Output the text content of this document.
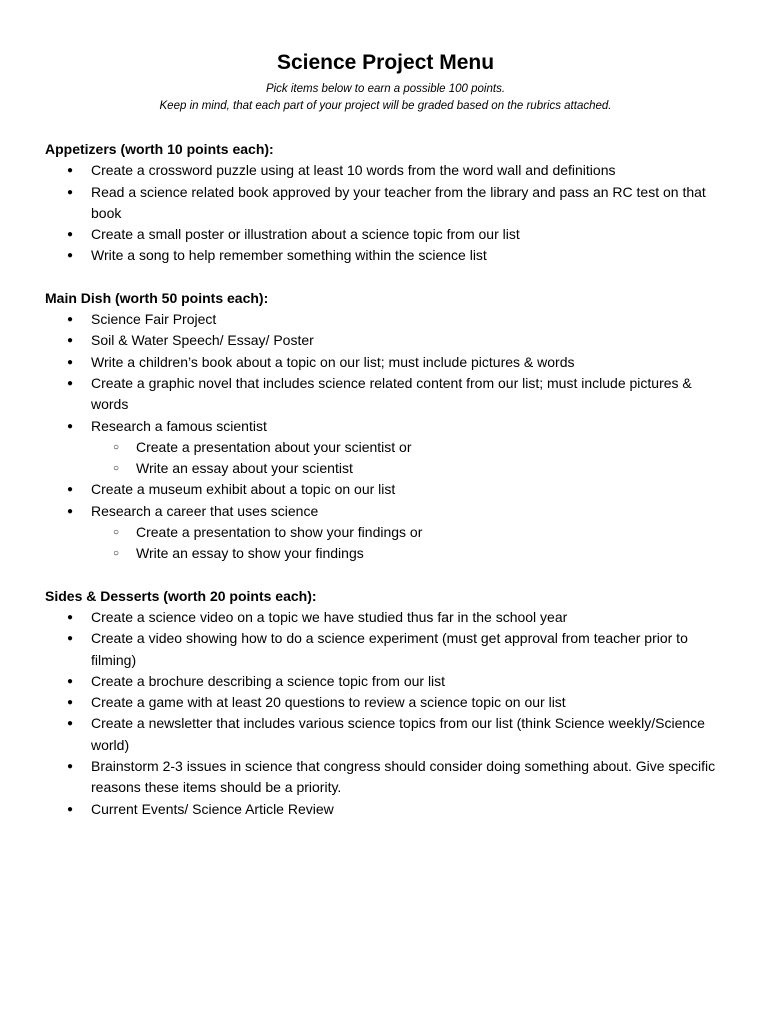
Science Project Menu

Pick items below to earn a possible 100 points.

Keep in mind, that each part of your project will be graded based on the rubrics attached.

Appetizers (worth 10 points each):

● Create a crossword puzzle using at least 10 words from the word wall and definitions
● Read a science related book approved by your teacher from the library and pass an RC test on that book
● Create a small poster or illustration about a science topic from our list
● Write a song to help remember something within the science list

Main Dish (worth 50 points each):

● Science Fair Project
● Soil & Water Speech/ Essay/ Poster
● Write a children’s book about a topic on our list; must include pictures & words
● Create a graphic novel that includes science related content from our list; must include pictures & words
● Research a famous scientist
○ Create a presentation about your scientist or
○ Write an essay about your scientist
● Create a museum exhibit about a topic on our list
● Research a career that uses science
○ Create a presentation to show your findings or
○ Write an essay to show your findings

Sides & Desserts (worth 20 points each):

● Create a science video on a topic we have studied thus far in the school year
● Create a video showing how to do a science experiment (must get approval from teacher prior to filming)
● Create a brochure describing a science topic from our list
● Create a game with at least 20 questions to review a science topic on our list
● Create a newsletter that includes various science topics from our list (think Science weekly/Science world)
● Brainstorm 2-3 issues in science that congress should consider doing something about. Give specific reasons these items should be a priority.
● Current Events/ Science Article Review
